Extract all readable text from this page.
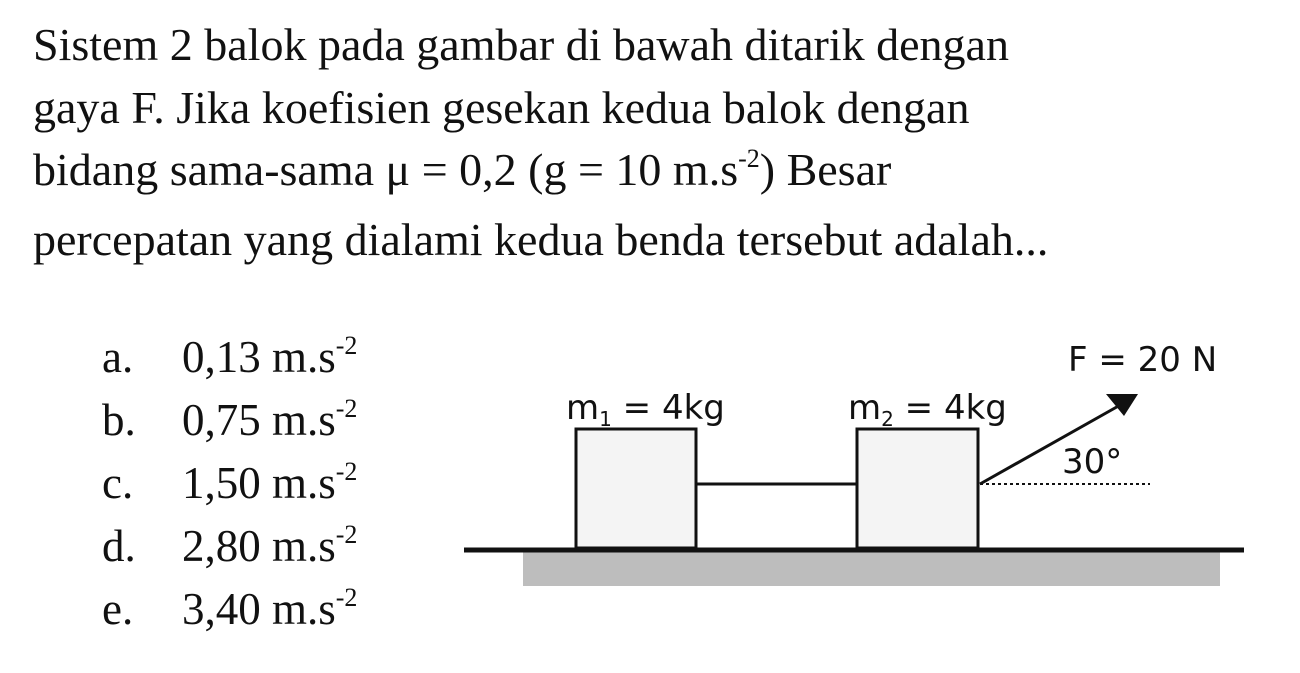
Sistem 2 balok pada gambar di bawah ditarik dengan
gaya F. Jika koefisien gesekan kedua balok dengan
bidang sama-sama μ = 0,2 (g = 10 $m.s^{-2}$) Besar
percepatan yang dialami kedua benda tersebut adalah...
a.	0,13 $m.s^{-2}$
b.	0,75 $m.s^{-2}$
c.	1,50 $m.s^{-2}$
d.	2,80 $m.s^{-2}$
e.	3,40 $m.s^{-2}$
F = 20 N
$m_1 = 4kg$	$m_2 = 4kg$
30°
